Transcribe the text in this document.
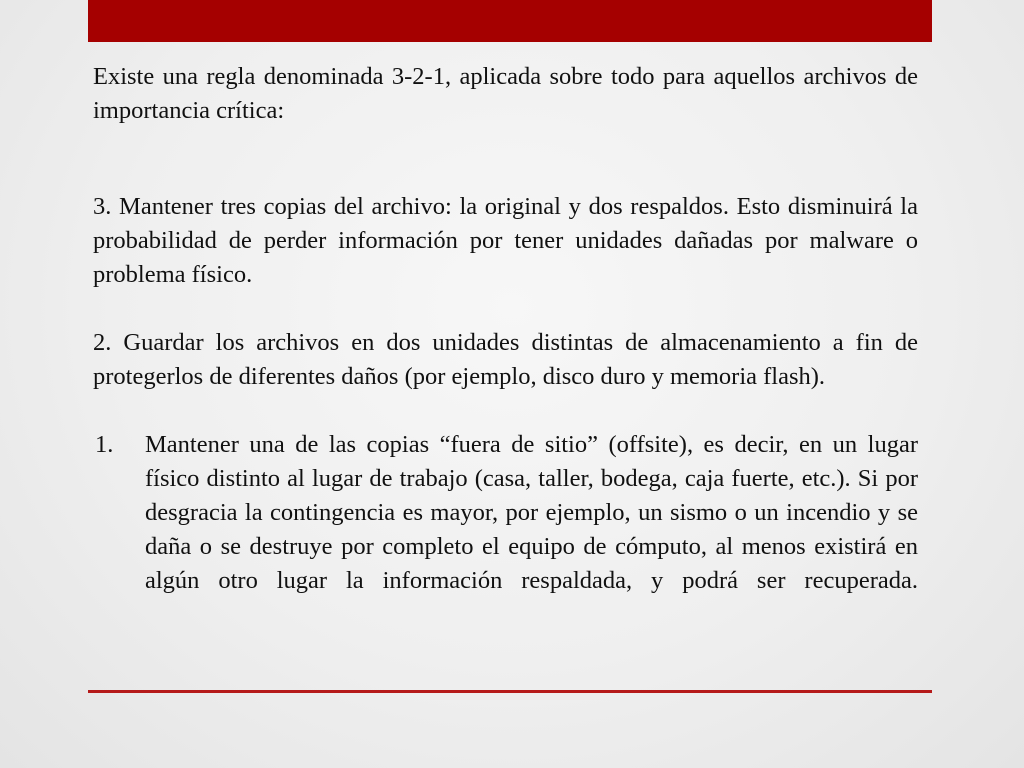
Existe una regla denominada 3-2-1, aplicada sobre todo para aquellos archivos de importancia crítica:

3. Mantener tres copias del archivo: la original y dos respaldos. Esto disminuirá la probabilidad de perder información por tener unidades dañadas por malware o problema físico.

2. Guardar los archivos en dos unidades distintas de almacenamiento a fin de protegerlos de diferentes daños (por ejemplo, disco duro y memoria flash).

1.	Mantener una de las copias “fuera de sitio” (offsite), es decir, en un lugar físico distinto al lugar de trabajo (casa, taller, bodega, caja fuerte, etc.). Si por desgracia la contingencia es mayor, por ejemplo, un sismo o un incendio y se daña o se destruye por completo el equipo de cómputo, al menos existirá en algún otro lugar la información respaldada, y podrá ser recuperada.
